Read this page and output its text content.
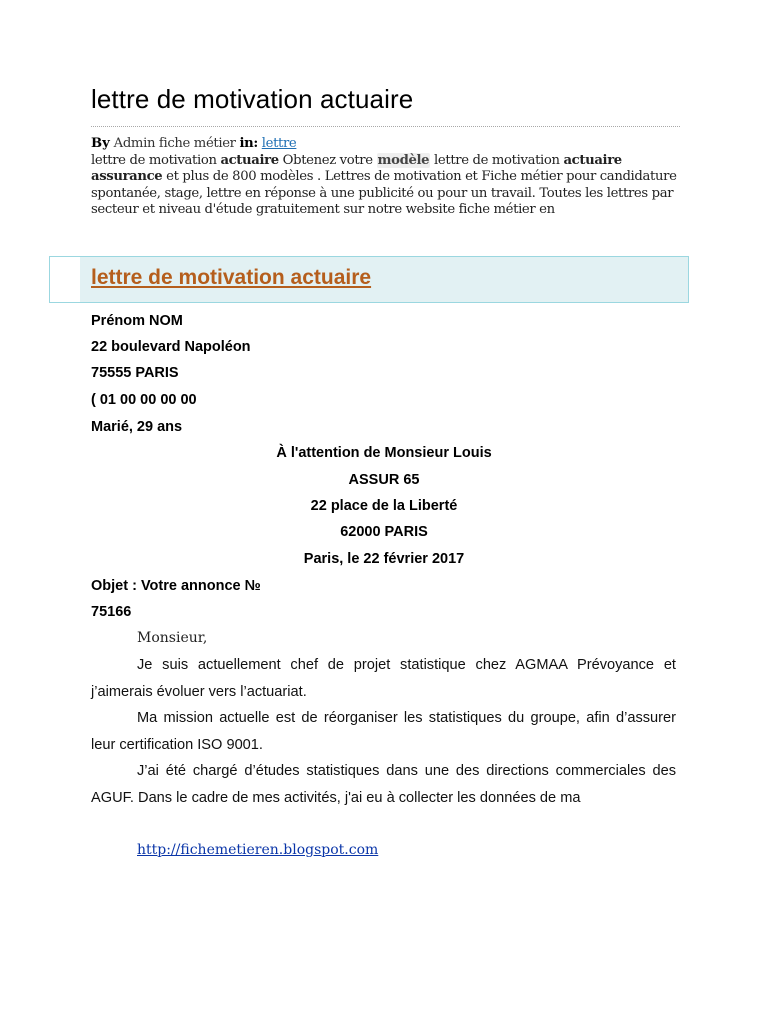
lettre de motivation actuaire
By Admin fiche métier in: lettre
lettre de motivation actuaire Obtenez votre modèle lettre de motivation actuaire assurance et plus de 800 modèles . Lettres de motivation et Fiche métier pour candidature spontanée, stage, lettre en réponse à une publicité ou pour un travail. Toutes les lettres par secteur et niveau d'étude gratuitement sur notre website fiche métier en
lettre de motivation actuaire
Prénom NOM
22 boulevard Napoléon
75555 PARIS
( 01 00 00 00 00
Marié, 29 ans
À l'attention de Monsieur Louis
ASSUR 65
22 place de la Liberté
62000 PARIS
Paris, le 22 février 2017
Objet : Votre annonce №
75166
Monsieur,
Je suis actuellement chef de projet statistique chez AGMAA Prévoyance et j’aimerais évoluer vers l’actuariat.
Ma mission actuelle est de réorganiser les statistiques du groupe, afin d’assurer leur certification ISO 9001.
J’ai été chargé d’études statistiques dans une des directions commerciales des AGUF. Dans le cadre de mes activités, j'ai eu à collecter les données de ma
http://fichemetieren.blogspot.com
